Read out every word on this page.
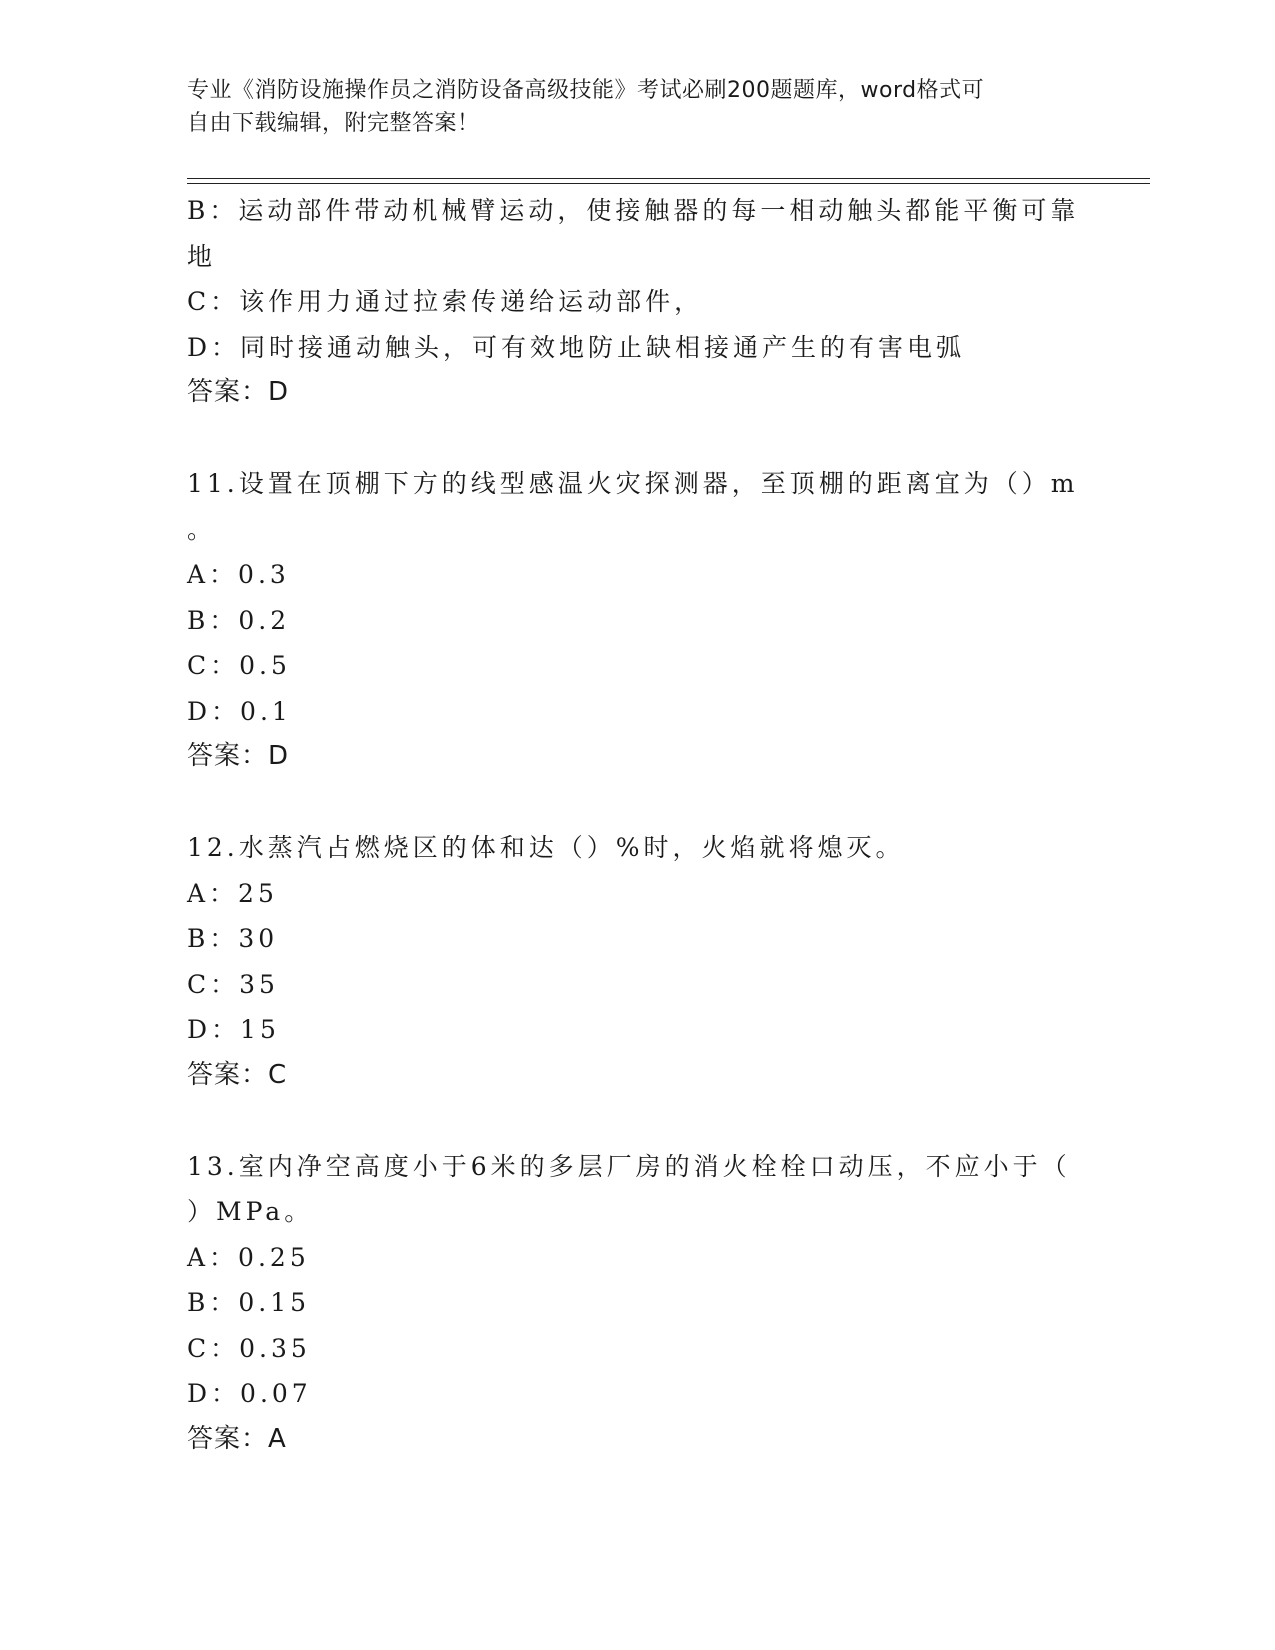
专业《消防设施操作员之消防设备高级技能》考试必刷200题题库，word格式可
自由下载编辑，附完整答案！
B：运动部件带动机械臂运动，使接触器的每一相动触头都能平衡可靠
地
C：该作用力通过拉索传递给运动部件，
D：同时接通动触头，可有效地防止缺相接通产生的有害电弧
答案：D
11.设置在顶棚下方的线型感温火灾探测器，至顶棚的距离宜为（）m
。
A：0.3
B：0.2
C：0.5
D：0.1
答案：D
12.水蒸汽占燃烧区的体和达（）%时，火焰就将熄灭。
A：25
B：30
C：35
D：15
答案：C
13.室内净空高度小于6米的多层厂房的消火栓栓口动压，不应小于（
）MPa。
A：0.25
B：0.15
C：0.35
D：0.07
答案：A
